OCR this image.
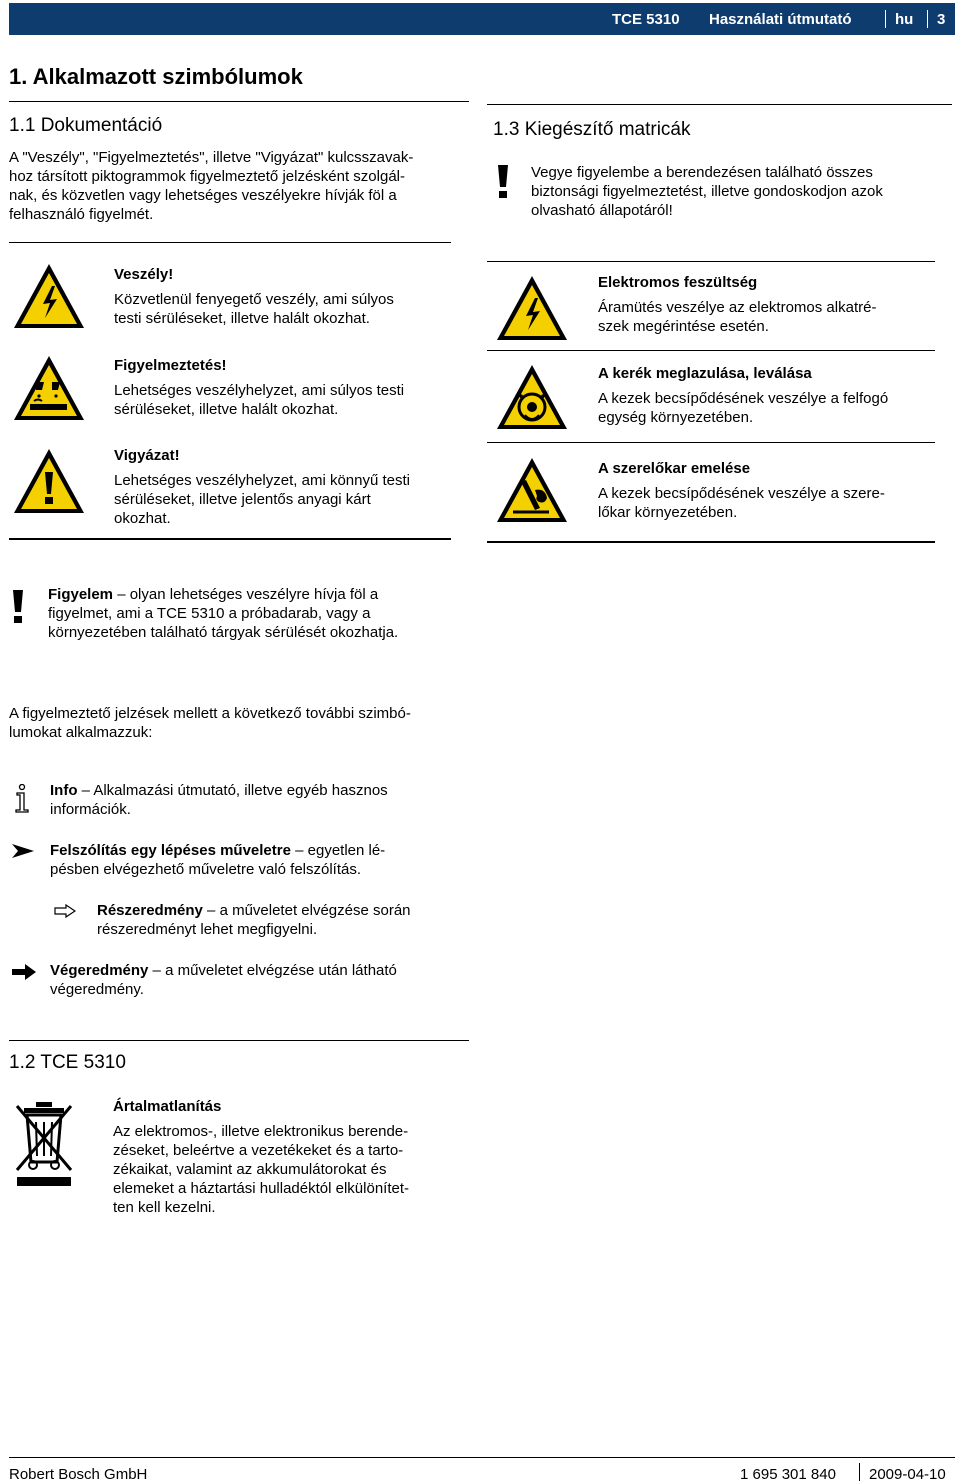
TCE 5310 Használati útmutató	hu 3
1. Alkalmazott szimbólumok

1.1 Dokumentáció

A "Veszély", "Figyelmeztetés", illetve "Vigyázat" kulcsszavak-

hoz társított piktogrammok figyelmeztető jelzésként szolgál-

nak, és közvetlen vagy lehetséges veszélyekre hívják föl a

felhasználó figyelmét.

1.3 Kiegészítő matricák

Vegye figyelembe a berendezésen található összes

biztonsági figyelmeztetést, illetve gondoskodjon azok

olvasható állapotáról!

Veszély!

Közvetlenül fenyegető veszély, ami súlyos

testi sérüléseket, illetve halált okozhat.

Figyelmeztetés!

Lehetséges veszélyhelyzet, ami súlyos testi

sérüléseket, illetve halált okozhat.

Vigyázat!

Lehetséges veszélyhelyzet, ami könnyű testi

sérüléseket, illetve jelentős anyagi kárt

okozhat.

Elektromos feszültség

Áramütés veszélye az elektromos alkatré-

szek megérintése esetén.

A kerék meglazulása, leválása

A kezek becsípődésének veszélye a felfogó

egység környezetében.

A szerelőkar emelése

A kezek becsípődésének veszélye a szere-

lőkar környezetében.

Figyelem – olyan lehetséges veszélyre hívja föl a

figyelmet, ami a TCE 5310 a próbadarab, vagy a

környezetében található tárgyak sérülését okozhatja.

A figyelmeztető jelzések mellett a következő további szimbó-

lumokat alkalmazzuk:

Info – Alkalmazási útmutató, illetve egyéb hasznos

információk.

Felszólítás egy lépéses műveletre – egyetlen lé-

pésben elvégezhető műveletre való felszólítás.

Részeredmény – a műveletet elvégzése során

részeredményt lehet megfigyelni.

Végeredmény – a műveletet elvégzése után látható

végeredmény.

1.2 TCE 5310

Ártalmatlanítás

Az elektromos-, illetve elektronikus berende-

zéseket, beleértve a vezetékeket és a tarto-

zékaikat, valamint az akkumulátorokat és

elemeket a háztartási hulladéktól elkülönítet-

ten kell kezelni.

Robert Bosch GmbH	1 695 301 840 2009-04-10
